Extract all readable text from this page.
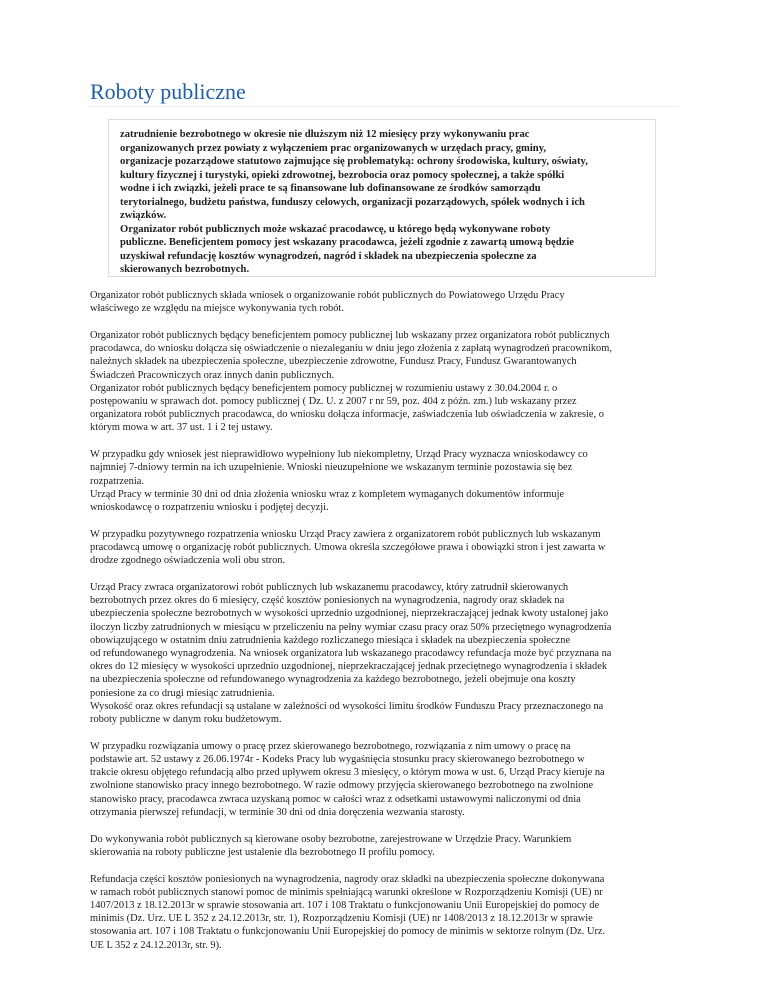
Roboty publiczne

zatrudnienie bezrobotnego w okresie nie dłuższym niż 12 miesięcy przy wykonywaniu prac
organizowanych przez powiaty z wyłączeniem prac organizowanych w urzędach pracy, gminy,
organizacje pozarządowe statutowo zajmujące się problematyką: ochrony środowiska, kultury, oświaty,
kultury fizycznej i turystyki, opieki zdrowotnej, bezrobocia oraz pomocy społecznej, a także spółki
wodne i ich związki, jeżeli prace te są finansowane lub dofinansowane ze środków samorządu
terytorialnego, budżetu państwa, funduszy celowych, organizacji pozarządowych, spółek wodnych i ich
związków.

Organizator robót publicznych może wskazać pracodawcę, u którego będą wykonywane roboty
publiczne. Beneficjentem pomocy jest wskazany pracodawca, jeżeli zgodnie z zawartą umową będzie
uzyskiwał refundację kosztów wynagrodzeń, nagród i składek na ubezpieczenia społeczne za
skierowanych bezrobotnych.

Organizator robót publicznych składa wniosek o organizowanie robót publicznych do Powiatowego Urzędu Pracy
właściwego ze względu na miejsce wykonywania tych robót.

Organizator robót publicznych będący beneficjentem pomocy publicznej lub wskazany przez organizatora robót publicznych
pracodawca, do wniosku dołącza się oświadczenie o niezaleganiu w dniu jego złożenia z zapłatą wynagrodzeń pracownikom,
należnych składek na ubezpieczenia społeczne, ubezpieczenie zdrowotne, Fundusz Pracy, Fundusz Gwarantowanych
Świadczeń Pracowniczych oraz innych danin publicznych.
Organizator robót publicznych będący beneficjentem pomocy publicznej w rozumieniu ustawy z 30.04.2004 r. o
postępowaniu w sprawach dot. pomocy publicznej ( Dz. U. z 2007 r nr 59, poz. 404 z późn. zm.) lub wskazany przez
organizatora robót publicznych pracodawca, do wniosku dołącza informacje, zaświadczenia lub oświadczenia w zakresie, o
którym mowa w art. 37 ust. 1 i 2 tej ustawy.

W przypadku gdy wniosek jest nieprawidłowo wypełniony lub niekompletny, Urząd Pracy wyznacza wnioskodawcy co
najmniej 7-dniowy termin na ich uzupełnienie. Wnioski nieuzupełnione we wskazanym terminie pozostawia się bez
rozpatrzenia.
Urząd Pracy w terminie 30 dni od dnia złożenia wniosku wraz z kompletem wymaganych dokumentów informuje
wnioskodawcę o rozpatrzeniu wniosku i podjętej decyzji.

W przypadku pozytywnego rozpatrzenia wniosku Urząd Pracy zawiera z organizatorem robót publicznych lub wskazanym
pracodawcą umowę o organizację robót publicznych. Umowa określa szczegółowe prawa i obowiązki stron i jest zawarta w
drodze zgodnego oświadczenia woli obu stron.

Urząd Pracy zwraca organizatorowi robót publicznych lub wskazanemu pracodawcy, który zatrudnił skierowanych
bezrobotnych przez okres do 6 miesięcy, część kosztów poniesionych na wynagrodzenia, nagrody oraz składek na
ubezpieczenia społeczne bezrobotnych w wysokości uprzednio uzgodnionej, nieprzekraczającej jednak kwoty ustalonej jako
iloczyn liczby zatrudnionych w miesiącu w przeliczeniu na pełny wymiar czasu pracy oraz 50% przeciętnego wynagrodzenia
obowiązującego w ostatnim dniu zatrudnienia każdego rozliczanego miesiąca i składek na ubezpieczenia społeczne
od refundowanego wynagrodzenia. Na wniosek organizatora lub wskazanego pracodawcy refundacja może być przyznana na
okres do 12 miesięcy w wysokości uprzednio uzgodnionej, nieprzekraczającej jednak przeciętnego wynagrodzenia i składek
na ubezpieczenia społeczne od refundowanego wynagrodzenia za każdego bezrobotnego, jeżeli obejmuje ona koszty
poniesione za co drugi miesiąc zatrudnienia.
Wysokość oraz okres refundacji są ustalane w zależności od wysokości limitu środków Funduszu Pracy przeznaczonego na
roboty publiczne w danym roku budżetowym.

W przypadku rozwiązania umowy o pracę przez skierowanego bezrobotnego, rozwiązania z nim umowy o pracę na
podstawie art. 52 ustawy z 26.06.1974r - Kodeks Pracy lub wygaśnięcia stosunku pracy skierowanego bezrobotnego w
trakcie okresu objętego refundacją albo przed upływem okresu 3 miesięcy, o którym mowa w ust. 6, Urząd Pracy kieruje na
zwolnione stanowisko pracy innego bezrobotnego. W razie odmowy przyjęcia skierowanego bezrobotnego na zwolnione
stanowisko pracy, pracodawca zwraca uzyskaną pomoc w całości wraz z odsetkami ustawowymi naliczonymi od dnia
otrzymania pierwszej refundacji, w terminie 30 dni od dnia doręczenia wezwania starosty.

Do wykonywania robót publicznych są kierowane osoby bezrobotne, zarejestrowane w Urzędzie Pracy. Warunkiem
skierowania na roboty publiczne jest ustalenie dla bezrobotnego II profilu pomocy.

Refundacja części kosztów poniesionych na wynagrodzenia, nagrody oraz składki na ubezpieczenia społeczne dokonywana
w ramach robót publicznych stanowi pomoc de minimis spełniającą warunki określone w Rozporządzeniu Komisji (UE) nr
1407/2013 z 18.12.2013r w sprawie stosowania art. 107 i 108 Traktatu o funkcjonowaniu Unii Europejskiej do pomocy de
minimis (Dz. Urz. UE L 352 z 24.12.2013r, str. 1), Rozporządzeniu Komisji (UE) nr 1408/2013 z 18.12.2013r w sprawie
stosowania art. 107 i 108 Traktatu o funkcjonowaniu Unii Europejskiej do pomocy de minimis w sektorze rolnym (Dz. Urz.
UE L 352 z 24.12.2013r, str. 9).
